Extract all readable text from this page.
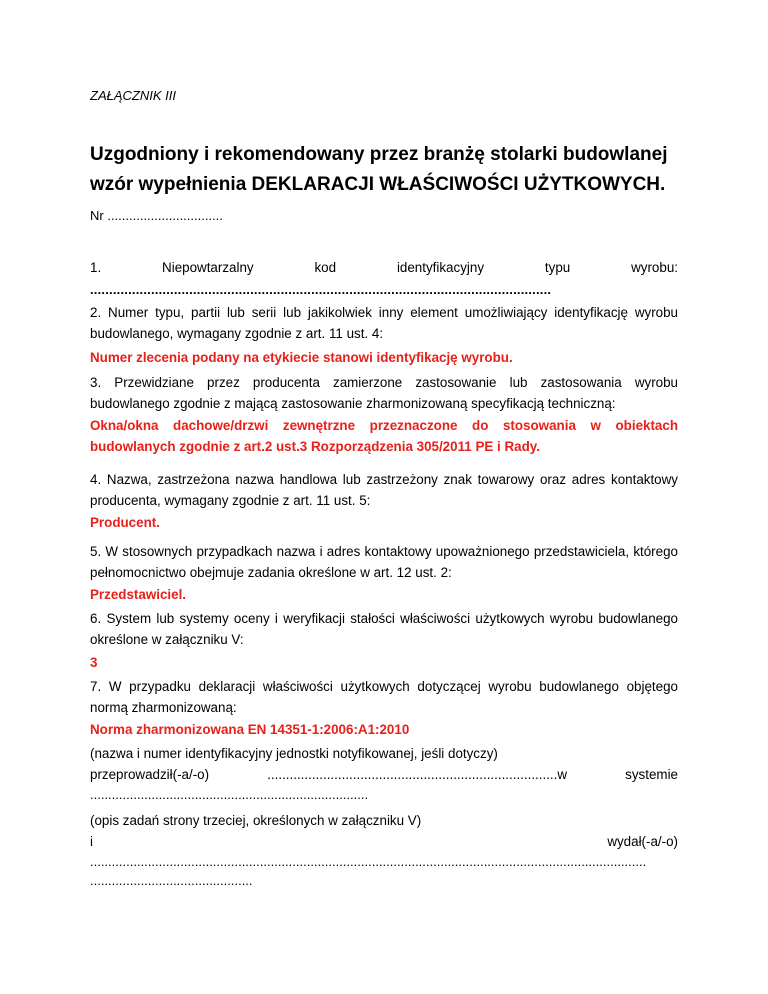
ZAŁĄCZNIK III
Uzgodniony i rekomendowany przez branżę stolarki budowlanej wzór wypełnienia DEKLARACJI WŁAŚCIWOŚCI UŻYTKOWYCH.
Nr ................................
1.	Niepowtarzalny	kod	identyfikacyjny	typu	wyrobu:
.........................................................................................................................
2. Numer typu, partii lub serii lub jakikolwiek inny element umożliwiający identyfikację wyrobu budowlanego, wymagany zgodnie z art. 11 ust. 4:
Numer zlecenia podany na etykiecie stanowi identyfikację wyrobu.
3. Przewidziane przez producenta zamierzone zastosowanie lub zastosowania wyrobu budowlanego zgodnie z mającą zastosowanie zharmonizowaną specyfikacją techniczną:
Okna/okna dachowe/drzwi zewnętrzne przeznaczone do stosowania w obiektach budowlanych zgodnie z art.2 ust.3 Rozporządzenia 305/2011 PE i Rady.
4. Nazwa, zastrzeżona nazwa handlowa lub zastrzeżony znak towarowy oraz adres kontaktowy producenta, wymagany zgodnie z art. 11 ust. 5:
Producent.
5. W stosownych przypadkach nazwa i adres kontaktowy upoważnionego przedstawiciela, którego pełnomocnictwo obejmuje zadania określone w art. 12 ust. 2:
Przedstawiciel.
6. System lub systemy oceny i weryfikacji stałości właściwości użytkowych wyrobu budowlanego określone w załączniku V:
3
7. W przypadku deklaracji właściwości użytkowych dotyczącej wyrobu budowlanego objętego normą zharmonizowaną:
Norma zharmonizowana EN 14351-1:2006:A1:2010
(nazwa i numer identyfikacyjny jednostki notyfikowanej, jeśli dotyczy)
przeprowadził(-a/-o)	..............................................................................w	systemie
.............................................................................
(opis zadań strony trzeciej, określonych w załączniku V)
i	wydał(-a/-o)
..........................................................................................................................................................
.............................................
